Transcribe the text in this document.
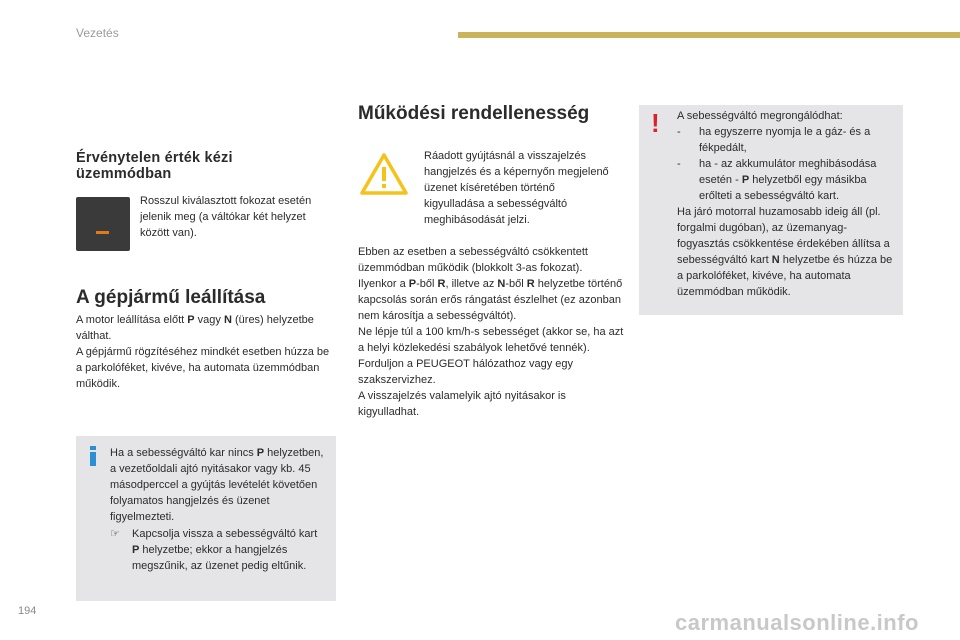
Vezetés
Érvénytelen érték kézi üzemmódban
Rosszul kiválasztott fokozat esetén jelenik meg (a váltókar két helyzet között van).
A gépjármű leállítása
A motor leállítása előtt P vagy N (üres) helyzetbe válthat.
A gépjármű rögzítéséhez mindkét esetben húzza be a parkolóféket, kivéve, ha automata üzemmódban működik.
Ha a sebességváltó kar nincs P helyzetben, a vezetőoldali ajtó nyitásakor vagy kb. 45 másodperccel a gyújtás levételét követően folyamatos hangjelzés és üzenet figyelmezteti.
☞ Kapcsolja vissza a sebességváltó kart P helyzetbe; ekkor a hangjelzés megszűnik, az üzenet pedig eltűnik.
Működési rendellenesség
Ráadott gyújtásnál a visszajelzés hangjelzés és a képernyőn megjelenő üzenet kíséretében történő kigyulladása a sebességváltó meghibásodását jelzi.
Ebben az esetben a sebességváltó csökkentett üzemmódban működik (blokkolt 3-as fokozat).
Ilyenkor a P-ből R, illetve az N-ből R helyzetbe történő kapcsolás során erős rángatást észlelhet (ez azonban nem károsítja a sebességváltót).
Ne lépje túl a 100 km/h-s sebességet (akkor se, ha azt a helyi közlekedési szabályok lehetővé tennék).
Forduljon a PEUGEOT hálózathoz vagy egy szakszervizhez.
A visszajelzés valamelyik ajtó nyitásakor is kigyulladhat.
! A sebességváltó megrongálódhat:
- ha egyszerre nyomja le a gáz- és a fékpedált,
- ha - az akkumulátor meghibásodása esetén - P helyzetből egy másikba erőlteti a sebességváltó kart.
Ha járó motorral huzamosabb ideig áll (pl. forgalmi dugóban), az üzemanyag-fogyasztás csökkentése érdekében állítsa a sebességváltó kart N helyzetbe és húzza be a parkolóféket, kivéve, ha automata üzemmódban működik.
194	carmanualsonline.info
